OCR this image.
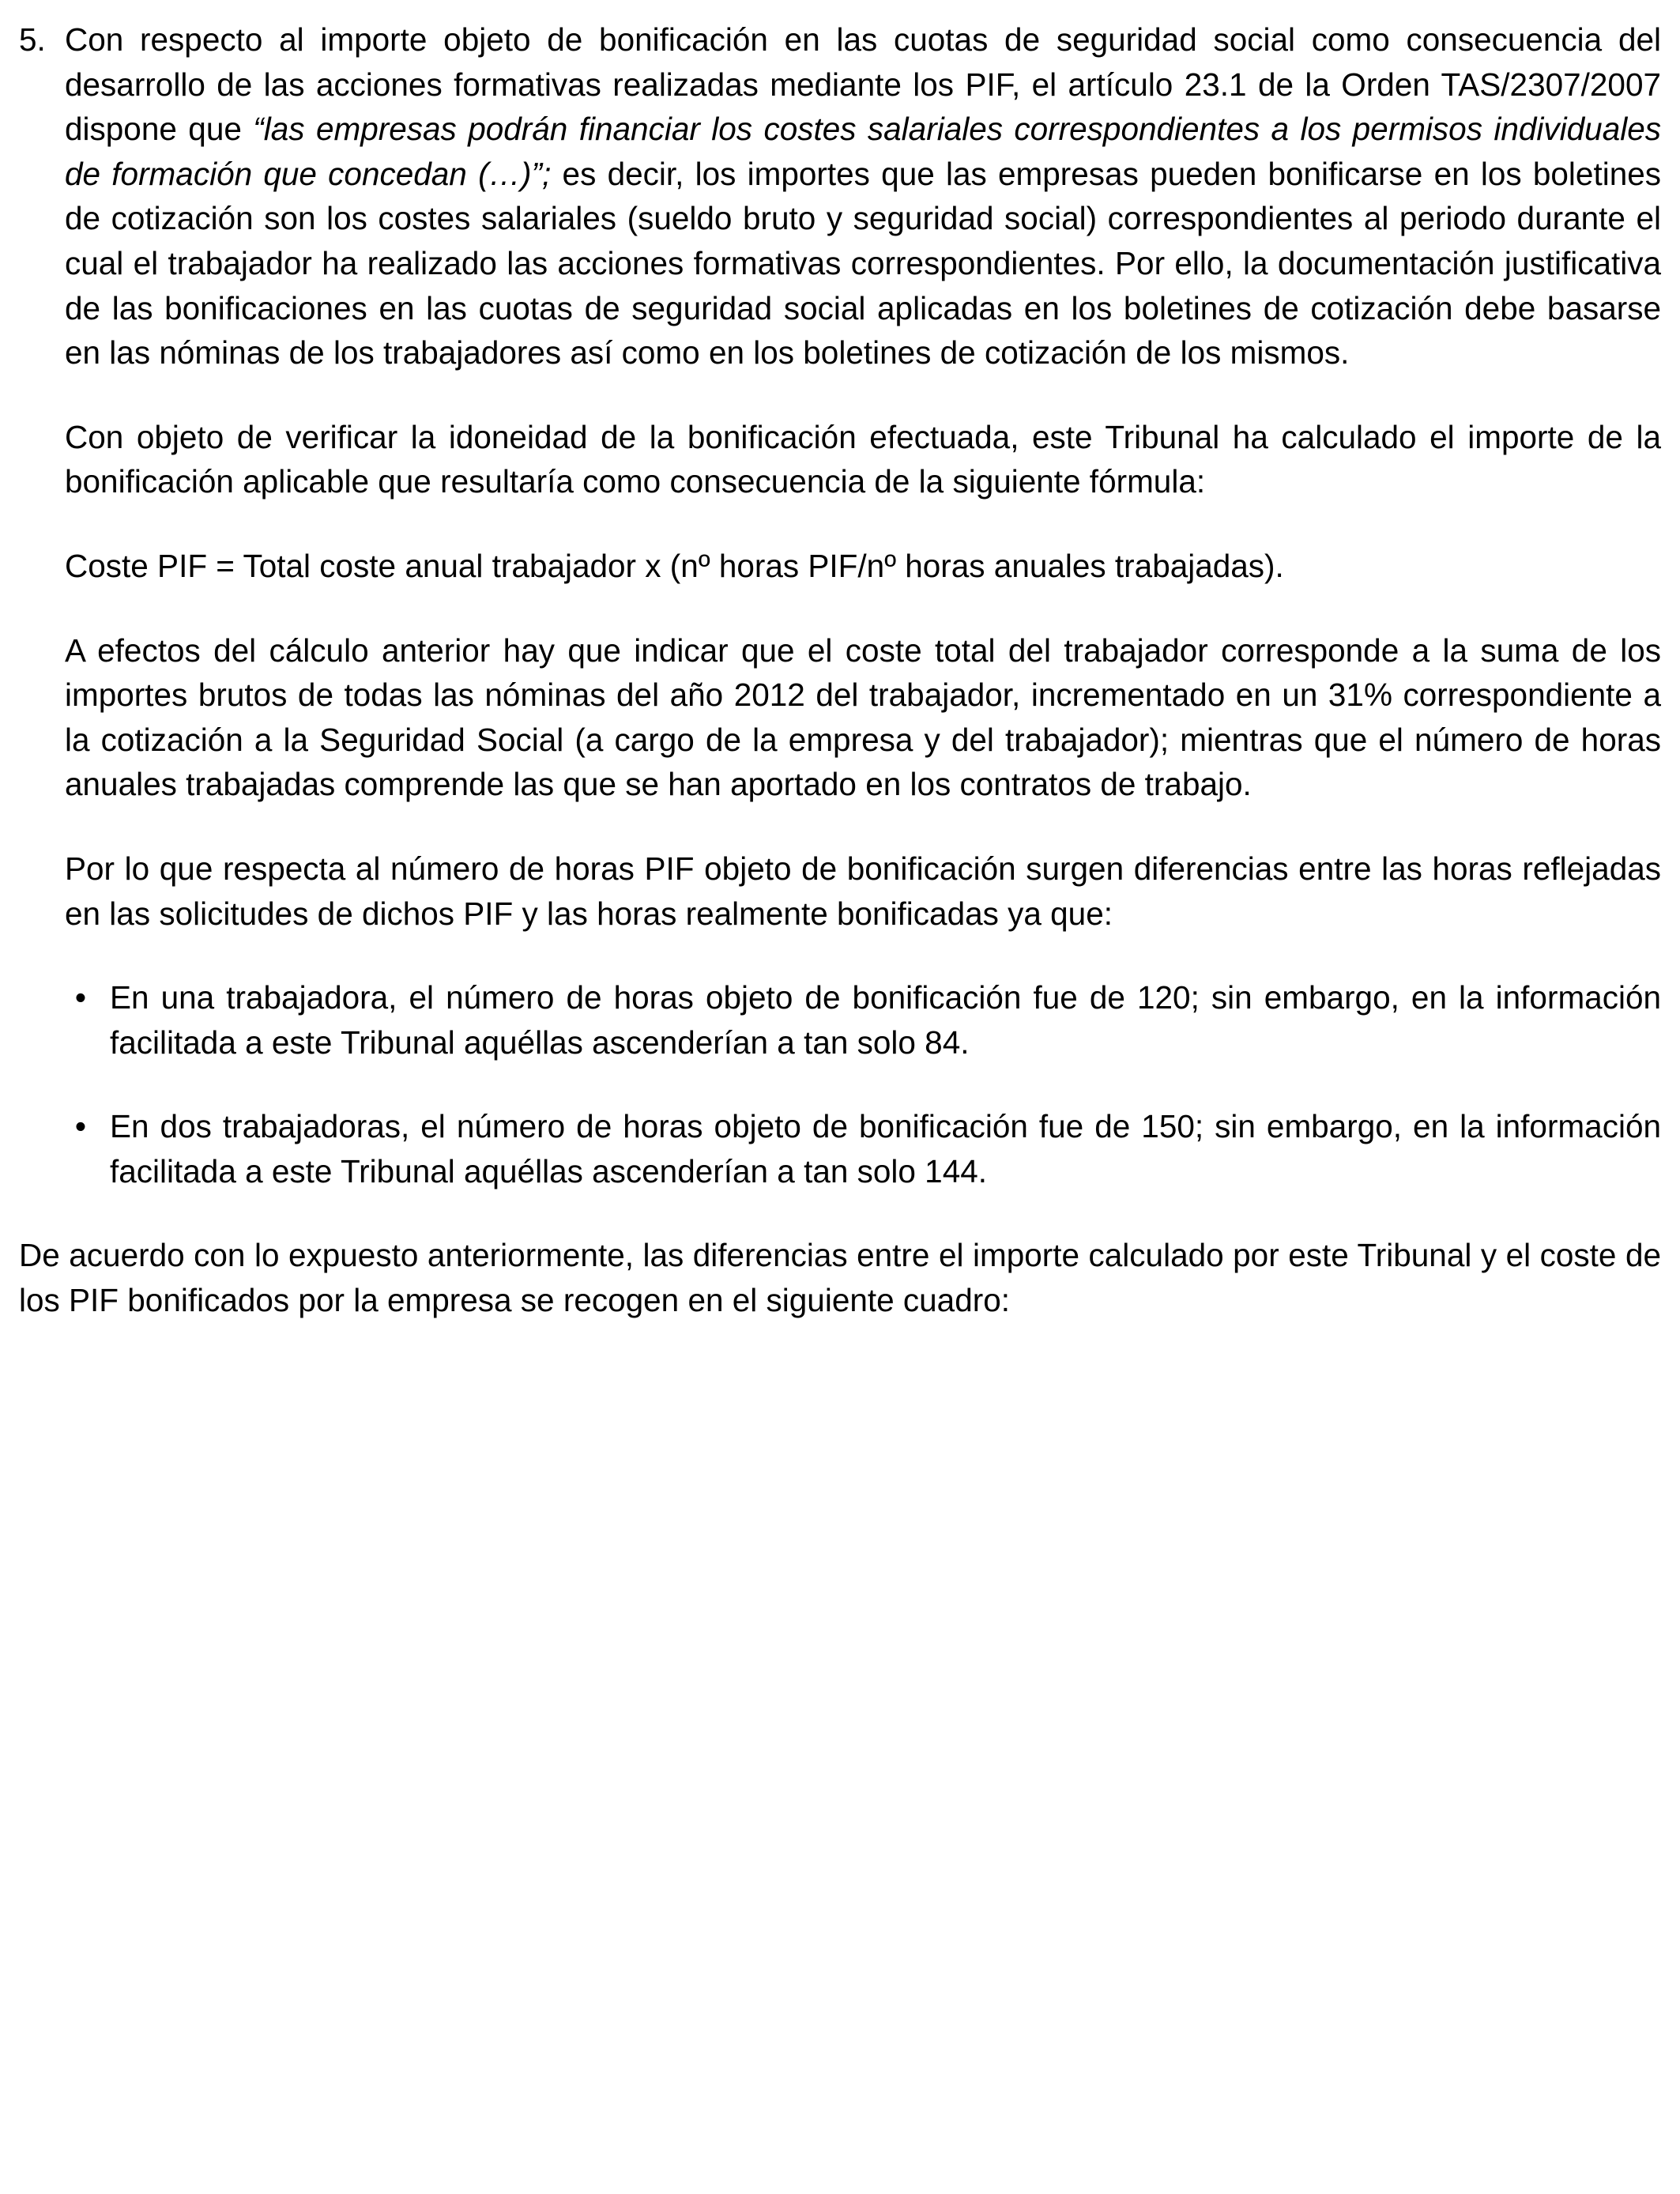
5. Con respecto al importe objeto de bonificación en las cuotas de seguridad social como consecuencia del desarrollo de las acciones formativas realizadas mediante los PIF, el artículo 23.1 de la Orden TAS/2307/2007 dispone que “las empresas podrán financiar los costes salariales correspondientes a los permisos individuales de formación que concedan (…)”; es decir, los importes que las empresas pueden bonificarse en los boletines de cotización son los costes salariales (sueldo bruto y seguridad social) correspondientes al periodo durante el cual el trabajador ha realizado las acciones formativas correspondientes. Por ello, la documentación justificativa de las bonificaciones en las cuotas de seguridad social aplicadas en los boletines de cotización debe basarse en las nóminas de los trabajadores así como en los boletines de cotización de los mismos.

Con objeto de verificar la idoneidad de la bonificación efectuada, este Tribunal ha calculado el importe de la bonificación aplicable que resultaría como consecuencia de la siguiente fórmula:

Coste PIF = Total coste anual trabajador x (nº horas PIF/nº horas anuales trabajadas).

A efectos del cálculo anterior hay que indicar que el coste total del trabajador corresponde a la suma de los importes brutos de todas las nóminas del año 2012 del trabajador, incrementado en un 31% correspondiente a la cotización a la Seguridad Social (a cargo de la empresa y del trabajador); mientras que el número de horas anuales trabajadas comprende las que se han aportado en los contratos de trabajo.

Por lo que respecta al número de horas PIF objeto de bonificación surgen diferencias entre las horas reflejadas en las solicitudes de dichos PIF y las horas realmente bonificadas ya que:

• En una trabajadora, el número de horas objeto de bonificación fue de 120; sin embargo, en la información facilitada a este Tribunal aquéllas ascenderían a tan solo 84.

• En dos trabajadoras, el número de horas objeto de bonificación fue de 150; sin embargo, en la información facilitada a este Tribunal aquéllas ascenderían a tan solo 144.

De acuerdo con lo expuesto anteriormente, las diferencias entre el importe calculado por este Tribunal y el coste de los PIF bonificados por la empresa se recogen en el siguiente cuadro:
